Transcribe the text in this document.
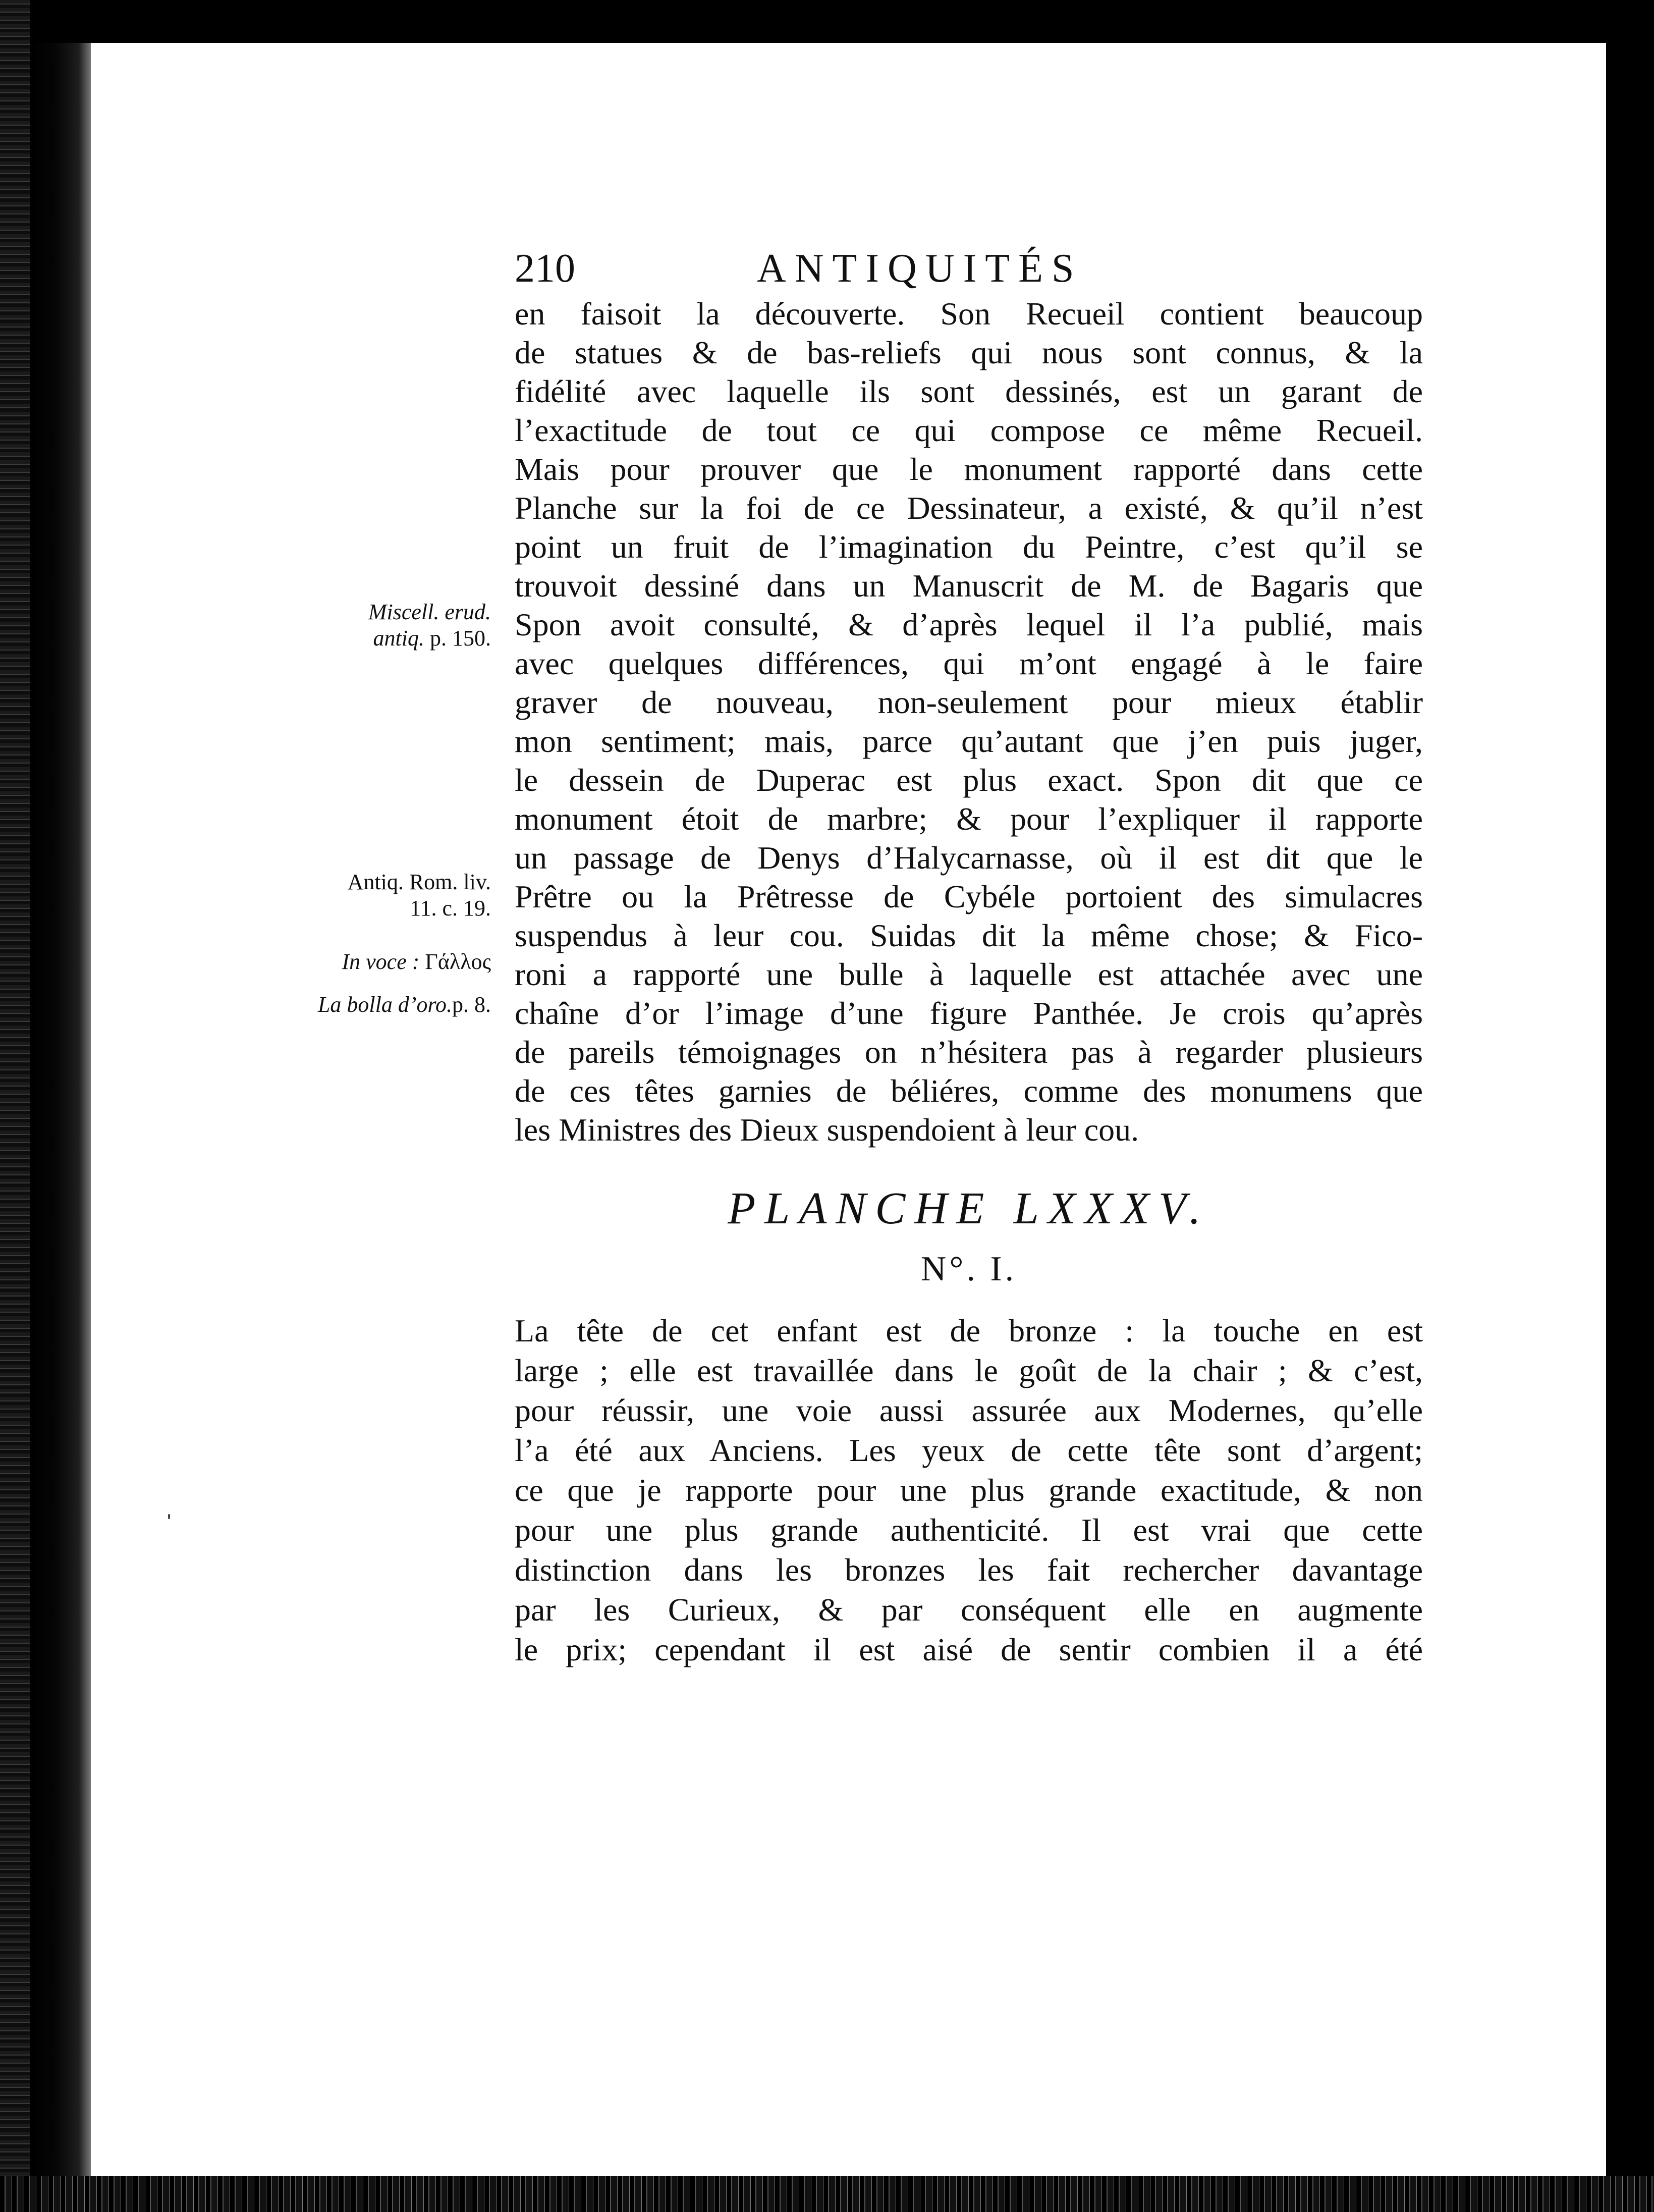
210	ANTIQUITÉS
en faisoit la découverte. Son Recueil contient beaucoup
de statues & de bas-reliefs qui nous sont connus, & la
fidélité avec laquelle ils sont dessinés, est un garant de
l’exactitude de tout ce qui compose ce même Recueil.
Mais pour prouver que le monument rapporté dans cette
Planche sur la foi de ce Dessinateur, a existé, & qu’il n’est
point un fruit de l’imagination du Peintre, c’est qu’il se
trouvoit dessiné dans un Manuscrit de M. de Bagaris que
Spon avoit consulté, & d’après lequel il l’a publié, mais
avec quelques différences, qui m’ont engagé à le faire
graver de nouveau, non-seulement pour mieux établir
mon sentiment; mais, parce qu’autant que j’en puis juger,
le dessein de Duperac est plus exact. Spon dit que ce
monument étoit de marbre; & pour l’expliquer il rapporte
un passage de Denys d’Halycarnasse, où il est dit que le
Prêtre ou la Prêtresse de Cybéle portoient des simulacres
suspendus à leur cou. Suidas dit la même chose; & Fico-
roni a rapporté une bulle à laquelle est attachée avec une
chaîne d’or l’image d’une figure Panthée. Je crois qu’après
de pareils témoignages on n’hésitera pas à regarder plusieurs
de ces têtes garnies de béliéres, comme des monumens que
les Ministres des Dieux suspendoient à leur cou.
Miscell. erud.
antiq. p. 150.
Antiq. Rom. liv.
11. c. 19.
In voce : Γάλλος
La bolla d’oro.p. 8.
PLANCHE LXXXV.
N°. I.
La tête de cet enfant est de bronze : la touche en est
large ; elle est travaillée dans le goût de la chair ; & c’est,
pour réussir, une voie aussi assurée aux Modernes, qu’elle
l’a été aux Anciens. Les yeux de cette tête sont d’argent;
ce que je rapporte pour une plus grande exactitude, & non
pour une plus grande authenticité. Il est vrai que cette
distinction dans les bronzes les fait rechercher davantage
par les Curieux, & par conséquent elle en augmente
le prix; cependant il est aisé de sentir combien il a été
